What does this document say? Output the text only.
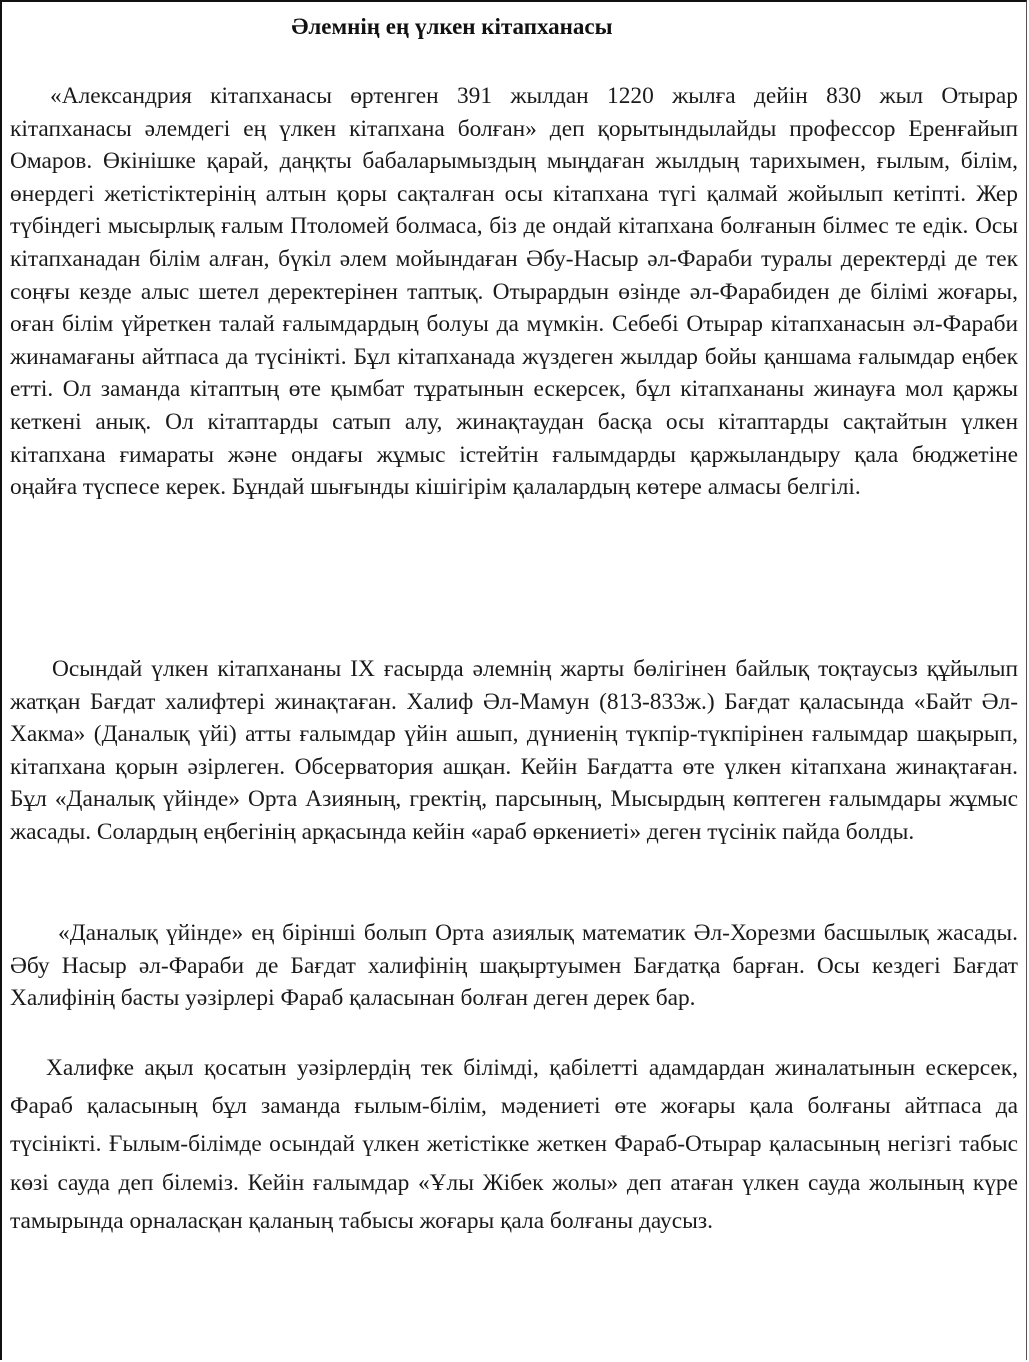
Әлемнің ең үлкен кітапханасы

«Александрия кітапханасы өртенген 391 жылдан 1220 жылға дейін 830 жыл Отырар кітапханасы әлемдегі ең үлкен кітапхана болған» деп қорытындылайды профессор Еренғайып Омаров. Өкінішке қарай, даңқты бабаларымыздың мыңдаған жылдың тарихымен, ғылым, білім, өнердегі жетістіктерінің алтын қоры сақталған осы кітапхана түгі қалмай жойылып кетіпті. Жер түбіндегі мысырлық ғалым Птоломей болмаса, біз де ондай кітапхана болғанын білмес те едік. Осы кітапханадан білім алған, бүкіл әлем мойындаған Әбу-Насыр әл-Фараби туралы деректерді де тек соңғы кезде алыс шетел деректерінен таптық. Отырардын өзінде әл-Фарабиден де білімі жоғары, оған білім үйреткен талай ғалымдардың болуы да мүмкін. Себебі Отырар кітапханасын әл-Фараби жинамағаны айтпаса да түсінікті. Бұл кітапханада жүздеген жылдар бойы қаншама ғалымдар еңбек етті. Ол заманда кітаптың өте қымбат тұратынын ескерсек, бұл кітапхананы жинауға мол қаржы кеткені анық. Ол кітаптарды сатып алу, жинақтаудан басқа осы кітаптарды сақтайтын үлкен кітапхана ғимараты және ондағы жұмыс істейтін ғалымдарды қаржыландыру қала бюджетіне оңайға түспесе керек. Бұндай шығынды кішігірім қалалардың көтере алмасы белгілі.

Осындай үлкен кітапхананы IX ғасырда әлемнің жарты бөлігінен байлық тоқтаусыз құйылып жатқан Бағдат халифтері жинақтаған. Халиф Әл-Мамун (813-833ж.) Бағдат қаласында «Байт Әл-Хакма» (Даналық үйі) атты ғалымдар үйін ашып, дүниенің түкпір-түкпірінен ғалымдар шақырып, кітапхана қорын әзірлеген. Обсерватория ашқан. Кейін Бағдатта өте үлкен кітапхана жинақтаған. Бұл «Даналық үйінде» Орта Азияның, гректің, парсының, Мысырдың көптеген ғалымдары жұмыс жасады. Солардың еңбегінің арқасында кейін «араб өркениеті» деген түсінік пайда болды.

«Даналық үйінде» ең бірінші болып Орта азиялық математик Әл-Хорезми басшылық жасады. Әбу Насыр әл-Фараби де Бағдат халифінің шақыртуымен Бағдатқа барған. Осы кездегі Бағдат Халифінің басты уәзірлері Фараб қаласынан болған деген дерек бар.

Халифке ақыл қосатын уәзірлердің тек білімді, қабілетті адамдардан жиналатынын ескерсек, Фараб қаласының бұл заманда ғылым-білім, мәдениеті өте жоғары қала болғаны айтпаса да түсінікті. Ғылым-білімде осындай үлкен жетістікке жеткен Фараб-Отырар қаласының негізгі табыс көзі сауда деп білеміз. Кейін ғалымдар «Ұлы Жібек жолы» деп атаған үлкен сауда жолының күре тамырында орналасқан қаланың табысы жоғары қала болғаны даусыз.
